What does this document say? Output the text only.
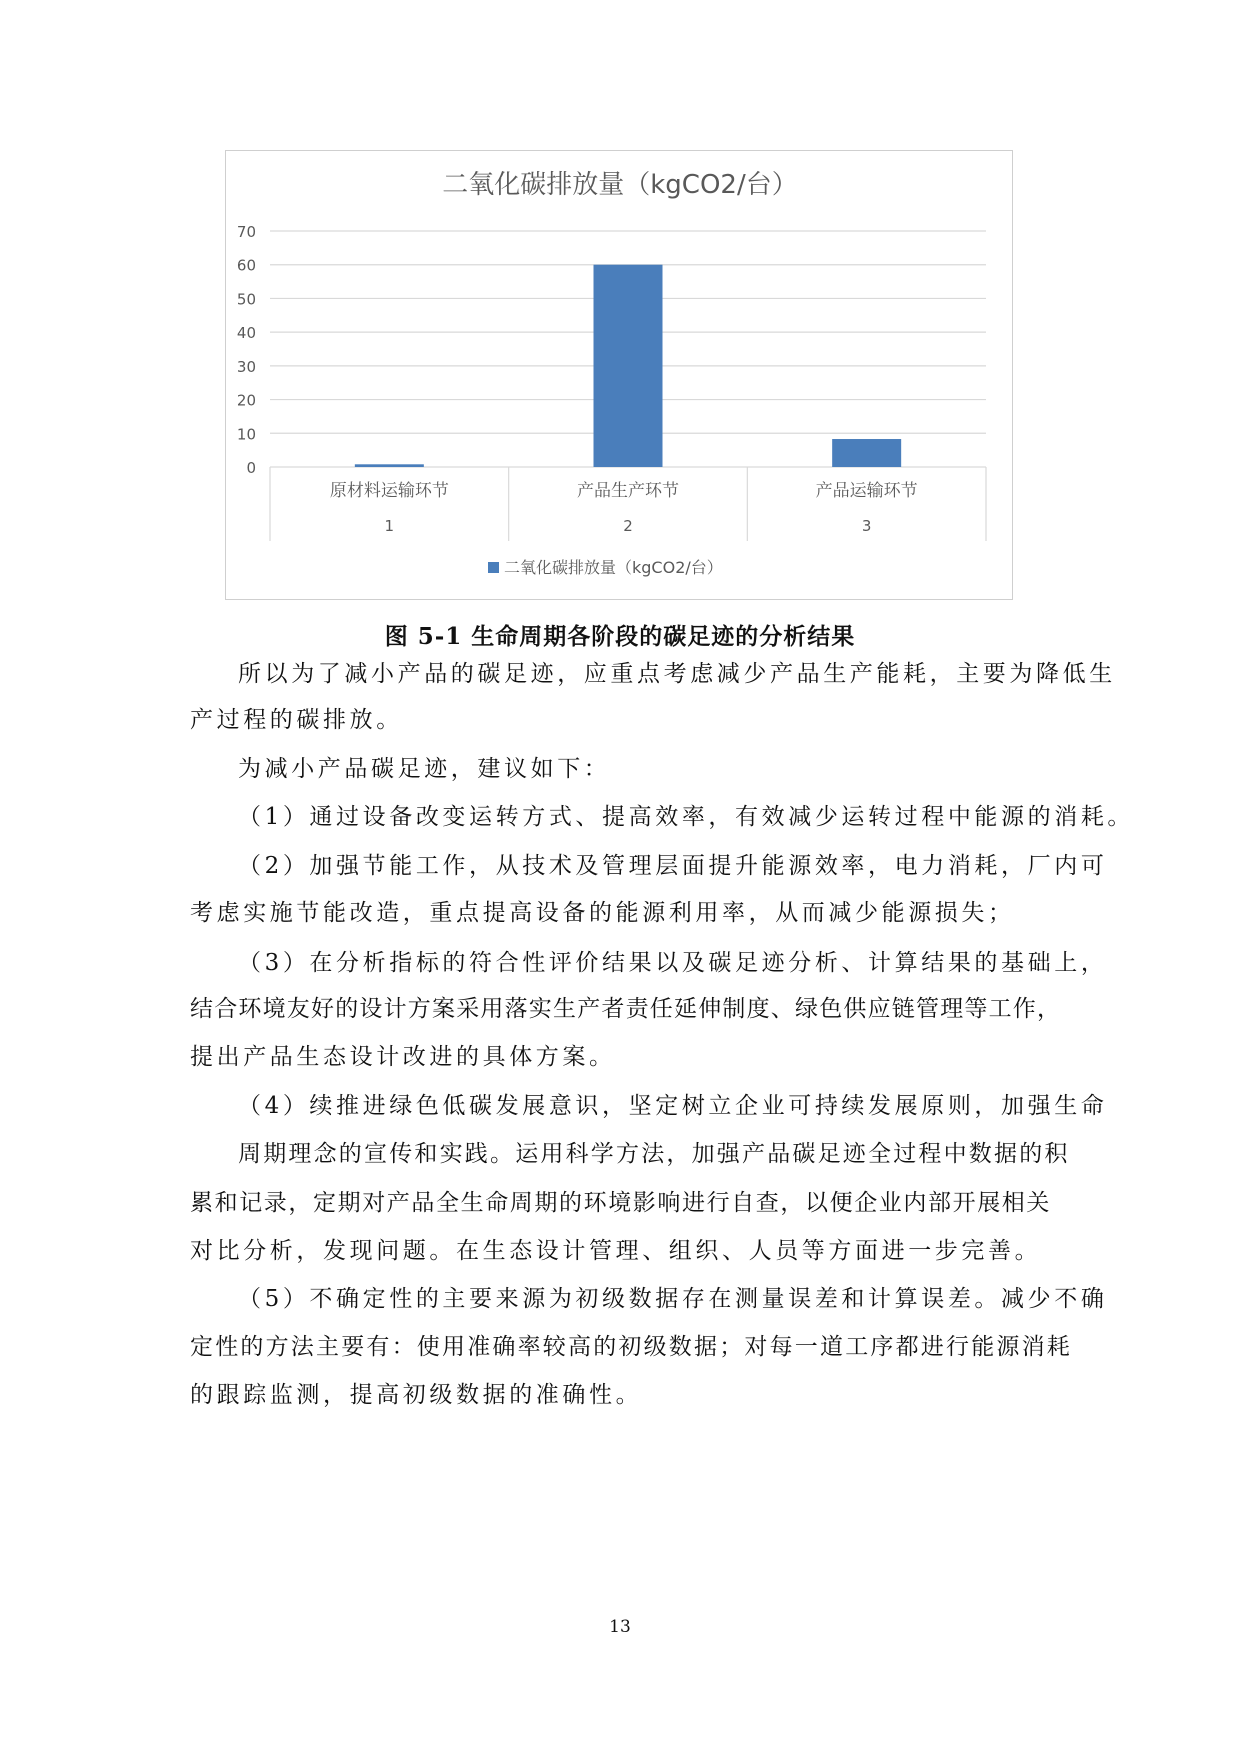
0
10
20
30
40
50
60
70
原材料运输环节
1
产品生产环节
2
产品运输环节
3
二氧化碳排放量（kgCO2/台）
二氧化碳排放量（kgCO2/台）
图 5-1 生命周期各阶段的碳足迹的分析结果

所以为了减小产品的碳足迹，应重点考虑减少产品生产能耗，主要为降低生

产过程的碳排放。

为减小产品碳足迹，建议如下：

（1）通过设备改变运转方式、提高效率，有效减少运转过程中能源的消耗。

（2）加强节能工作，从技术及管理层面提升能源效率，电力消耗，厂内可

考虑实施节能改造，重点提高设备的能源利用率，从而减少能源损失；

（3）在分析指标的符合性评价结果以及碳足迹分析、计算结果的基础上，

结合环境友好的设计方案采用落实生产者责任延伸制度、绿色供应链管理等工作，

提出产品生态设计改进的具体方案。

（4）续推进绿色低碳发展意识，坚定树立企业可持续发展原则，加强生命

周期理念的宣传和实践。运用科学方法，加强产品碳足迹全过程中数据的积

累和记录，定期对产品全生命周期的环境影响进行自查，以便企业内部开展相关

对比分析，发现问题。在生态设计管理、组织、人员等方面进一步完善。

（5）不确定性的主要来源为初级数据存在测量误差和计算误差。减少不确

定性的方法主要有：使用准确率较高的初级数据；对每一道工序都进行能源消耗

的跟踪监测，提高初级数据的准确性。

13
